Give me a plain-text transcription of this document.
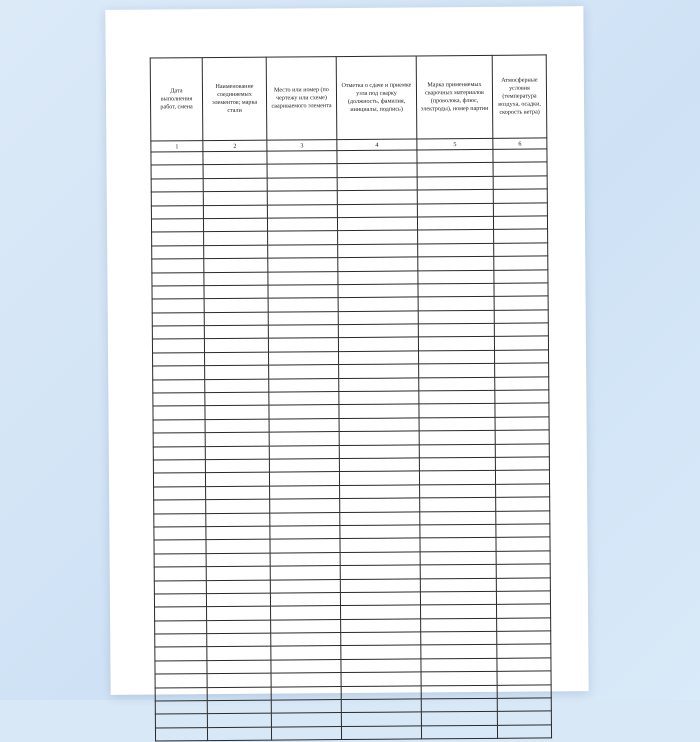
Дата выполнения работ, смена	Наименование соединяемых элементов; марка стали	Место или номер (по чертежу или схеме) свариваемого элемента	Отметка о сдаче и приемке узла под сварку (должность, фамилия, инициалы, подпись)	Марка применяемых сварочных материалов (проволока, флюс, электроды), номер партии	Атмосферные условия (температура воздуха, осадки, скорость ветра)
1	2	3	4	5	6
